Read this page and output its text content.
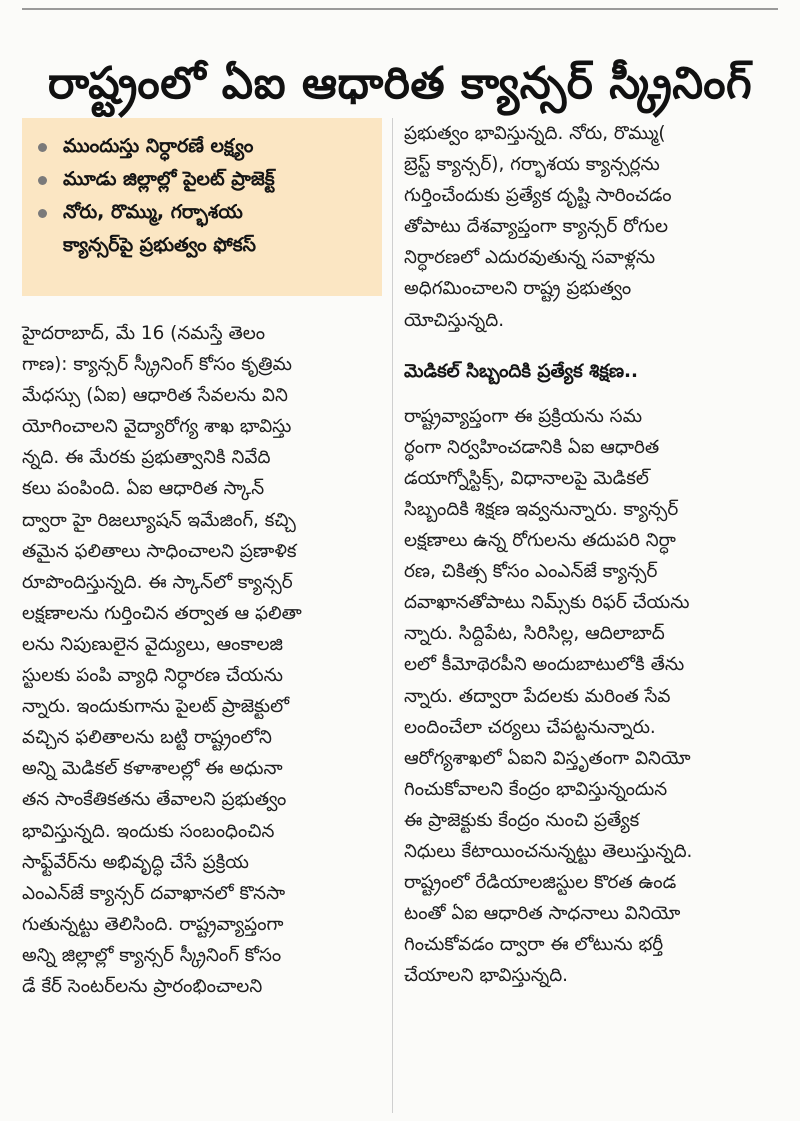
రాష్ట్రంలో ఏఐ ఆధారిత క్యాన్సర్ స్క్రీనింగ్
ముందుస్తు నిర్ధారణే లక్ష్యం
మూడు జిల్లాల్లో పైలట్ ప్రాజెక్ట్
నోరు, రొమ్ము, గర్భాశయ
క్యాన్సర్‌పై ప్రభుత్వం ఫోకస్
హైదరాబాద్, మే 16 (నమస్తే తెలం
గాణ): క్యాన్సర్ స్క్రీనింగ్ కోసం కృత్రిమ
మేధస్సు (ఏఐ) ఆధారిత సేవలను విని
యోగించాలని వైద్యారోగ్య శాఖ భావిస్తు
న్నది. ఈ మేరకు ప్రభుత్వానికి నివేది
కలు పంపింది. ఏఐ ఆధారిత స్కాన్
ద్వారా హై రిజల్యూషన్ ఇమేజింగ్, కచ్చి
తమైన ఫలితాలు సాధించాలని ప్రణాళిక
రూపొందిస్తున్నది. ఈ స్కాన్‌లో క్యాన్సర్
లక్షణాలను గుర్తించిన తర్వాత ఆ ఫలితా
లను నిపుణులైన వైద్యులు, ఆంకాలజి
స్టులకు పంపి వ్యాధి నిర్ధారణ చేయను
న్నారు. ఇందుకుగాను పైలట్ ప్రాజెక్టులో
వచ్చిన ఫలితాలను బట్టి రాష్ట్రంలోని
అన్ని మెడికల్ కళాశాలల్లో ఈ అధునా
తన సాంకేతికతను తేవాలని ప్రభుత్వం
భావిస్తున్నది. ఇందుకు సంబంధించిన
సాఫ్ట్‌వేర్‌ను అభివృద్ధి చేసే ప్రక్రియ
ఎంఎన్‌జే క్యాన్సర్ దవాఖానలో కొనసా
గుతున్నట్టు తెలిసింది. రాష్ట్రవ్యాప్తంగా
అన్ని జిల్లాల్లో క్యాన్సర్ స్క్రీనింగ్ కోసం
డే కేర్ సెంటర్‌లను ప్రారంభించాలని
ప్రభుత్వం భావిస్తున్నది. నోరు, రొమ్ము(
బ్రెస్ట్ క్యాన్సర్), గర్భాశయ క్యాన్సర్లను
గుర్తించేందుకు ప్రత్యేక దృష్టి సారించడం
తోపాటు దేశవ్యాప్తంగా క్యాన్సర్ రోగుల
నిర్ధారణలో ఎదురవుతున్న సవాళ్లను
అధిగమించాలని రాష్ట్ర ప్రభుత్వం
యోచిస్తున్నది.
మెడికల్ సిబ్బందికి ప్రత్యేక శిక్షణ..
రాష్ట్రవ్యాప్తంగా ఈ ప్రక్రియను సమ
ర్థంగా నిర్వహించడానికి ఏఐ ఆధారిత
డయాగ్నోస్టిక్స్, విధానాలపై మెడికల్
సిబ్బందికి శిక్షణ ఇవ్వనున్నారు. క్యాన్సర్
లక్షణాలు ఉన్న రోగులను తదుపరి నిర్ధా
రణ, చికిత్స కోసం ఎంఎన్‌జే క్యాన్సర్
దవాఖానతోపాటు నిమ్స్‌కు రిఫర్ చేయను
న్నారు. సిద్దిపేట, సిరిసిల్ల, ఆదిలాబాద్
లలో కీమోథెరపీని అందుబాటులోకి తేను
న్నారు. తద్వారా పేదలకు మరింత సేవ
లందించేలా చర్యలు చేపట్టనున్నారు.
ఆరోగ్యశాఖలో ఏఐని విస్తృతంగా వినియో
గించుకోవాలని కేంద్రం భావిస్తున్నందున
ఈ ప్రాజెక్టుకు కేంద్రం నుంచి ప్రత్యేక
నిధులు కేటాయించనున్నట్టు తెలుస్తున్నది.
రాష్ట్రంలో రేడియాలజిస్టుల కొరత ఉండ
టంతో ఏఐ ఆధారిత సాధనాలు వినియో
గించుకోవడం ద్వారా ఈ లోటును భర్తీ
చేయాలని భావిస్తున్నది.
